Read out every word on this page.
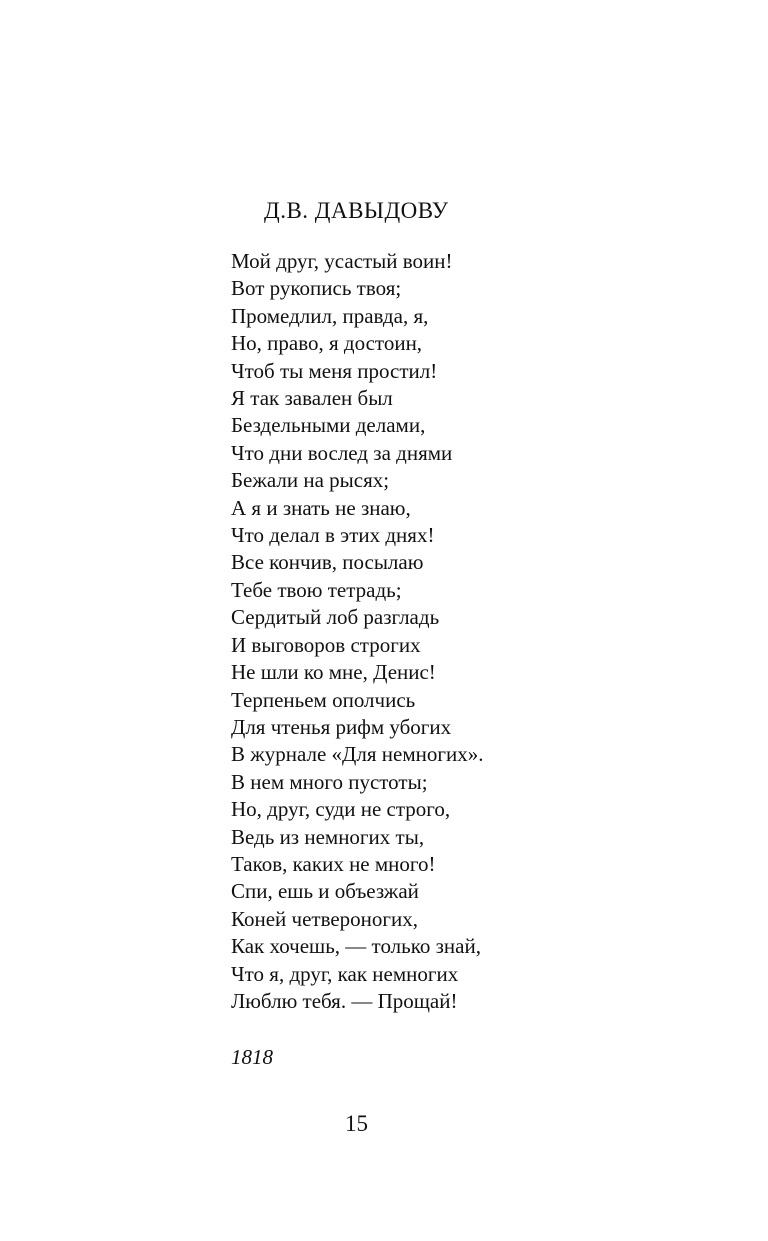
Д.В. ДАВЫДОВУ
Мой друг, усастый воин!
Вот рукопись твоя;
Промедлил, правда, я,
Но, право, я достоин,
Чтоб ты меня простил!
Я так завален был
Бездельными делами,
Что дни вослед за днями
Бежали на рысях;
А я и знать не знаю,
Что делал в этих днях!
Все кончив, посылаю
Тебе твою тетрадь;
Сердитый лоб разгладь
И выговоров строгих
Не шли ко мне, Денис!
Терпеньем ополчись
Для чтенья рифм убогих
В журнале «Для немногих».
В нем много пустоты;
Но, друг, суди не строго,
Ведь из немногих ты,
Таков, каких не много!
Спи, ешь и объезжай
Коней четвероногих,
Как хочешь, — только знай,
Что я, друг, как немногих
Люблю тебя. — Прощай!
1818
15
